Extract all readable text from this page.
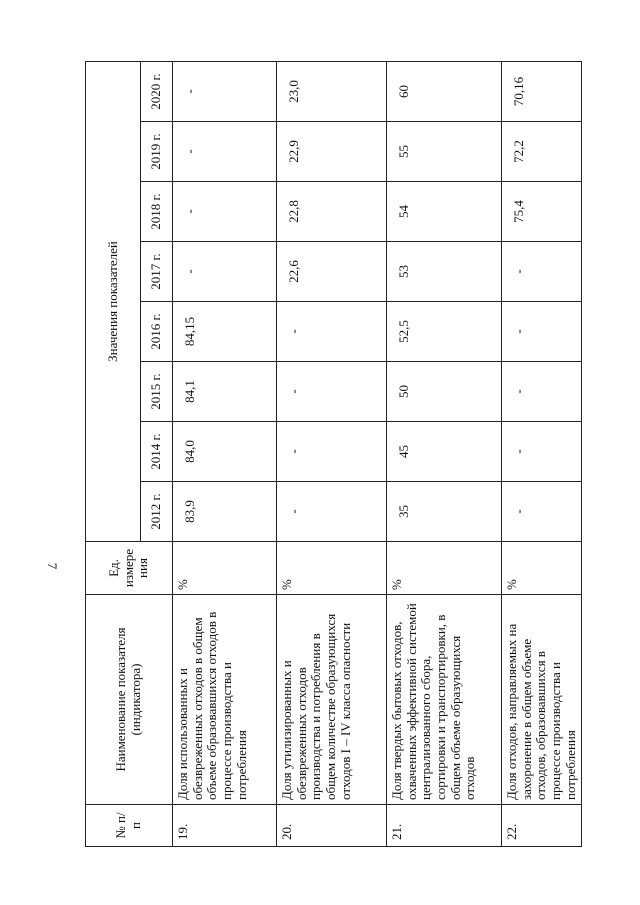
7
№ п/п	Наименование показателя (индикатора)	Ед. измере ния	Значения показателей							
			2012 г.	2014 г.	2015 г.	2016 г.	2017 г.	2018 г.	2019 г.	2020 г.
19.	Доля использованных и обезвреженных отходов в общем объеме образовавшихся отходов в процессе производства и потребления	%	83,9	84,0	84,1	84,15	-	-	-	-
20.	Доля утилизированных и обезвреженных отходов производства и потребления в общем количестве образующихся отходов I – IV класса опасности	%	-	-	-	-	22,6	22,8	22,9	23,0
21.	Доля твердых бытовых отходов, охваченных эффективной системой централизованного сбора, сортировки и транспортировки, в общем объеме образующихся отходов	%	35	45	50	52,5	53	54	55	60
22.	Доля отходов, направляемых на захоронение в общем объеме отходов, образовавшихся в процессе производства и потребления	%	-	-	-	-	-	75,4	72,2	70,16
